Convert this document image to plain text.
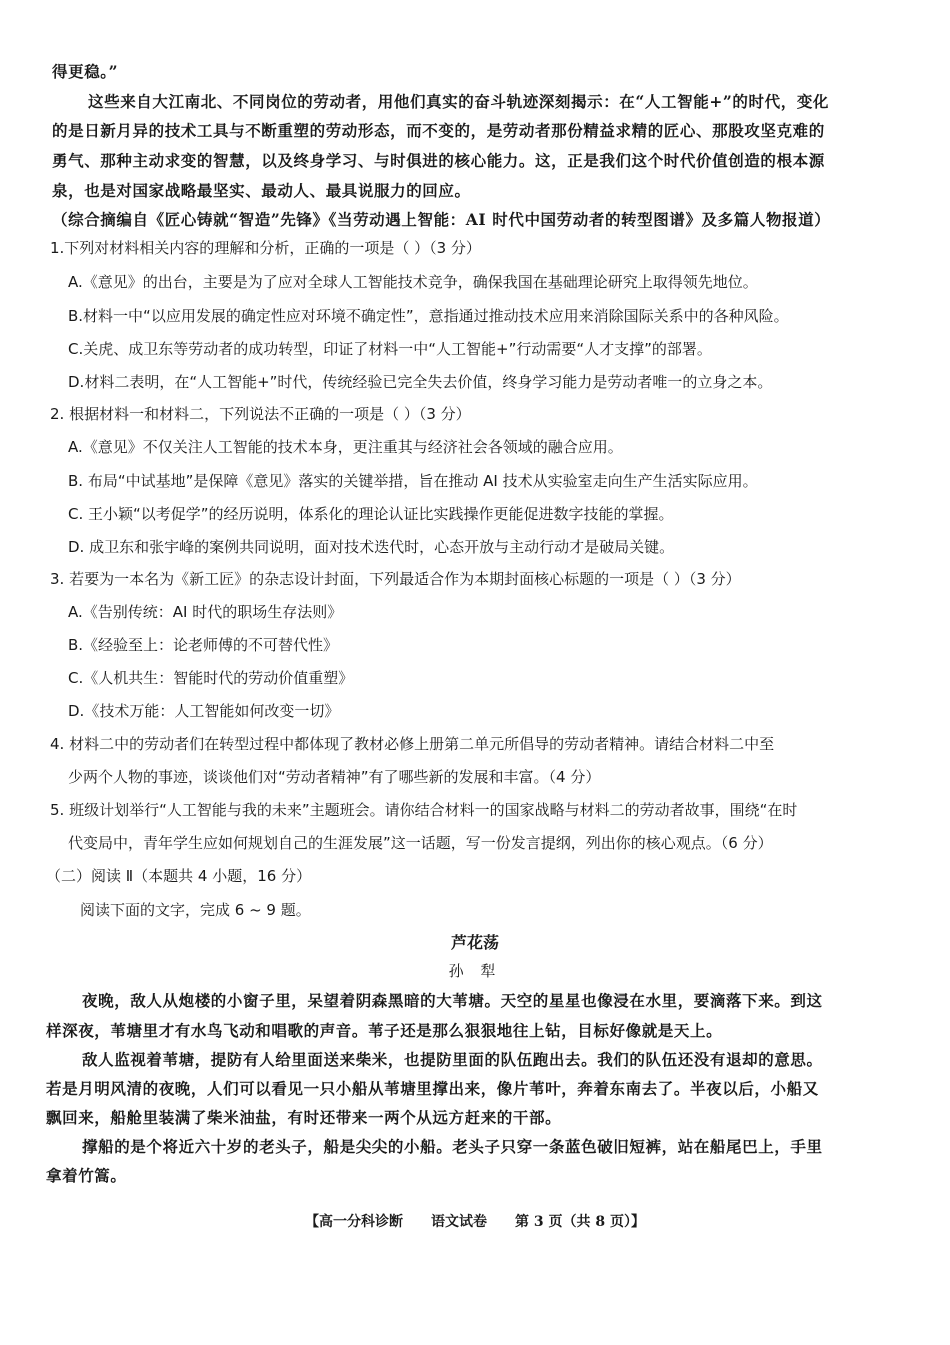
得更稳。”
这些来自大江南北、不同岗位的劳动者，用他们真实的奋斗轨迹深刻揭示：在“人工智能+”的时代，变化
的是日新月异的技术工具与不断重塑的劳动形态，而不变的，是劳动者那份精益求精的匠心、那股攻坚克难的
勇气、那种主动求变的智慧，以及终身学习、与时俱进的核心能力。这，正是我们这个时代价值创造的根本源
泉，也是对国家战略最坚实、最动人、最具说服力的回应。
（综合摘编自《匠心铸就“智造”先锋》《当劳动遇上智能：AI 时代中国劳动者的转型图谱》及多篇人物报道）
1.下列对材料相关内容的理解和分析，正确的一项是（ ）（3 分）
A.《意见》的出台，主要是为了应对全球人工智能技术竞争，确保我国在基础理论研究上取得领先地位。
B.材料一中“以应用发展的确定性应对环境不确定性”，意指通过推动技术应用来消除国际关系中的各种风险。
C.关虎、成卫东等劳动者的成功转型，印证了材料一中“人工智能+”行动需要“人才支撑”的部署。
D.材料二表明，在“人工智能+”时代，传统经验已完全失去价值，终身学习能力是劳动者唯一的立身之本。
2. 根据材料一和材料二，下列说法不正确的一项是（ ）（3 分）
A.《意见》不仅关注人工智能的技术本身，更注重其与经济社会各领域的融合应用。
B. 布局“中试基地”是保障《意见》落实的关键举措，旨在推动 AI 技术从实验室走向生产生活实际应用。
C. 王小颖“以考促学”的经历说明，体系化的理论认证比实践操作更能促进数字技能的掌握。
D. 成卫东和张宇峰的案例共同说明，面对技术迭代时，心态开放与主动行动才是破局关键。
3. 若要为一本名为《新工匠》的杂志设计封面，下列最适合作为本期封面核心标题的一项是（ ）（3 分）
A.《告别传统：AI 时代的职场生存法则》
B.《经验至上：论老师傅的不可替代性》
C.《人机共生：智能时代的劳动价值重塑》
D.《技术万能：人工智能如何改变一切》
4. 材料二中的劳动者们在转型过程中都体现了教材必修上册第二单元所倡导的劳动者精神。请结合材料二中至
少两个人物的事迹，谈谈他们对“劳动者精神”有了哪些新的发展和丰富。（4 分）
5. 班级计划举行“人工智能与我的未来”主题班会。请你结合材料一的国家战略与材料二的劳动者故事，围绕“在时
代变局中，青年学生应如何规划自己的生涯发展”这一话题，写一份发言提纲，列出你的核心观点。（6 分）
（二）阅读 Ⅱ（本题共 4 小题，16 分）
阅读下面的文字，完成 6 ~ 9 题。
芦花荡
孙 犁
夜晚，敌人从炮楼的小窗子里，呆望着阴森黑暗的大苇塘。天空的星星也像浸在水里，要滴落下来。到这
样深夜，苇塘里才有水鸟飞动和唱歌的声音。苇子还是那么狠狠地往上钻，目标好像就是天上。
敌人监视着苇塘，提防有人给里面送来柴米，也提防里面的队伍跑出去。我们的队伍还没有退却的意思。
若是月明风清的夜晚，人们可以看见一只小船从苇塘里撑出来，像片苇叶，奔着东南去了。半夜以后，小船又
飘回来，船舱里装满了柴米油盐，有时还带来一两个从远方赶来的干部。
撑船的是个将近六十岁的老头子，船是尖尖的小船。老头子只穿一条蓝色破旧短裤，站在船尾巴上，手里
拿着竹篙。
【高一分科诊断 语文试卷 第 3 页（共 8 页）】
